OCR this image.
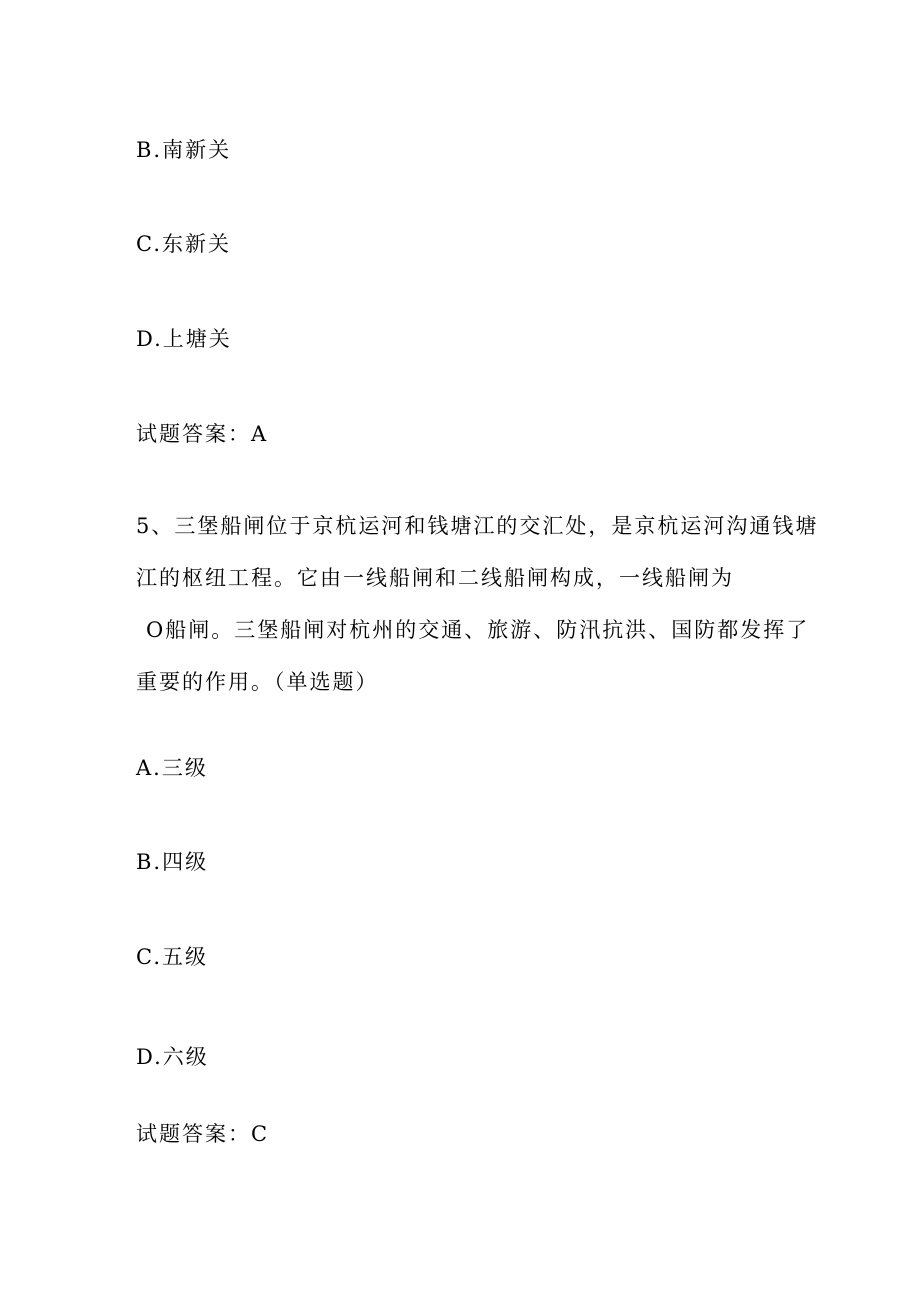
B.南新关
C.东新关
D.上塘关
试题答案：A
5、三堡船闸位于京杭运河和钱塘江的交汇处，是京杭运河沟通钱塘
江的枢纽工程。它由一线船闸和二线船闸构成，一线船闸为
O船闸。三堡船闸对杭州的交通、旅游、防汛抗洪、国防都发挥了
重要的作用。（单选题）
A.三级
B.四级
C.五级
D.六级
试题答案：C
